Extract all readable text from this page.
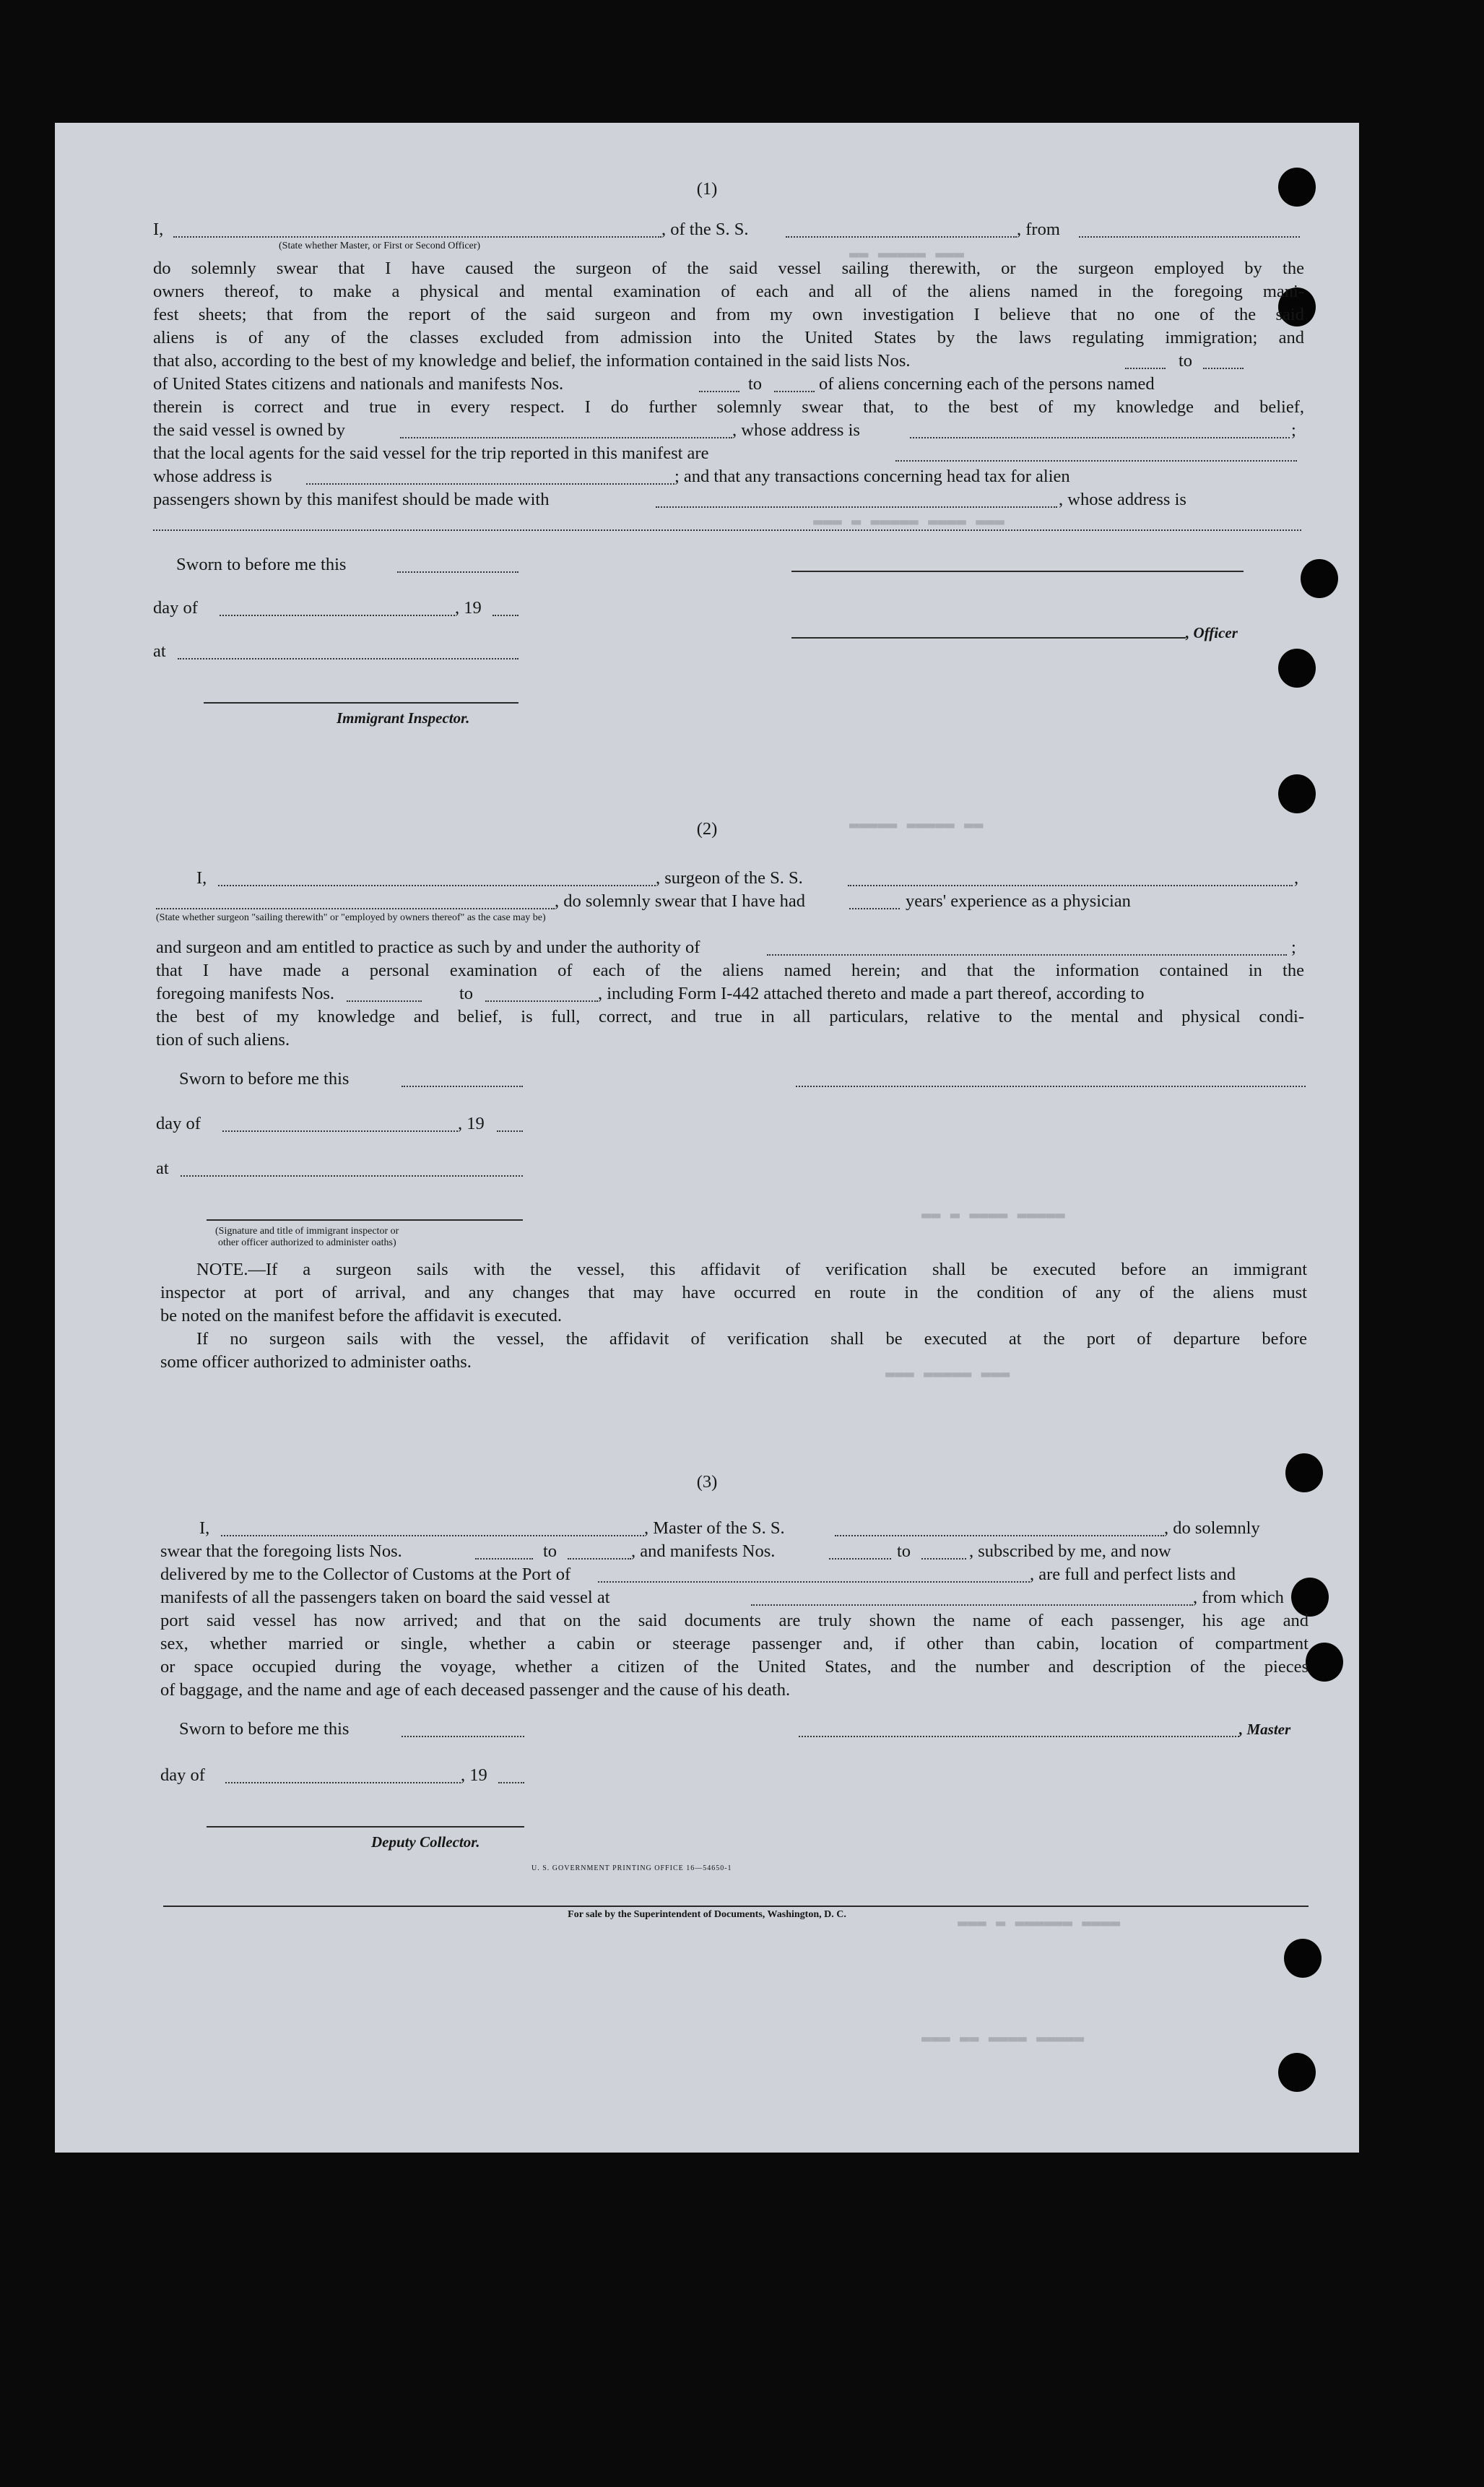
▬▬▬ ▬▬▬▬▬ ▬▬
▬▬▬ ▬▬▬▬ ▬▬▬▬▬ ▬ ▬▬▬
▬▬ ▬▬▬▬▬ ▬▬▬▬▬
▬▬▬▬▬ ▬▬▬▬ ▬ ▬▬
▬▬▬ ▬▬▬▬▬ ▬▬▬
▬▬▬▬ ▬▬▬▬▬▬ ▬ ▬▬▬
▬▬▬▬▬ ▬▬▬▬ ▬▬ ▬▬▬
(1)
I,	, of the S. S.	, from
(State whether Master, or First or Second Officer)
do solemnly swear that I have caused the surgeon of the said vessel sailing therewith, or the surgeon employed by the
owners thereof, to make a physical and mental examination of each and all of the aliens named in the foregoing mani-
fest sheets; that from the report of the said surgeon and from my own investigation I believe that no one of the said
aliens is of any of the classes excluded from admission into the United States by the laws regulating immigration; and
that also, according to the best of my knowledge and belief, the information contained in the said lists Nos.	to
of United States citizens and nationals and manifests Nos.	to	of aliens concerning each of the persons named
therein is correct and true in every respect. I do further solemnly swear that, to the best of my knowledge and belief,
the said vessel is owned by	, whose address is	;
that the local agents for the said vessel for the trip reported in this manifest are
whose address is	; and that any transactions concerning head tax for alien
passengers shown by this manifest should be made with	, whose address is
Sworn to before me this
day of	, 19
, Officer
at
Immigrant Inspector.
(2)
I,	, surgeon of the S. S.	,
, do solemnly swear that I have had	years' experience as a physician
(State whether surgeon "sailing therewith" or "employed by owners thereof" as the case may be)
and surgeon and am entitled to practice as such by and under the authority of	;
that I have made a personal examination of each of the aliens named herein; and that the information contained in the
foregoing manifests Nos.	to	, including Form I-442 attached thereto and made a part thereof, according to
the best of my knowledge and belief, is full, correct, and true in all particulars, relative to the mental and physical condi-
tion of such aliens.
Sworn to before me this
day of	, 19
at
(Signature and title of immigrant inspector or
other officer authorized to administer oaths)
NOTE.—If a surgeon sails with the vessel, this affidavit of verification shall be executed before an immigrant
inspector at port of arrival, and any changes that may have occurred en route in the condition of any of the aliens must
be noted on the manifest before the affidavit is executed.
If no surgeon sails with the vessel, the affidavit of verification shall be executed at the port of departure before
some officer authorized to administer oaths.
(3)
I,	, Master of the S. S.	, do solemnly
swear that the foregoing lists Nos.	to	, and manifests Nos.	to	, subscribed by me, and now
delivered by me to the Collector of Customs at the Port of	, are full and perfect lists and
manifests of all the passengers taken on board the said vessel at	, from which
port said vessel has now arrived; and that on the said documents are truly shown the name of each passenger, his age and
sex, whether married or single, whether a cabin or steerage passenger and, if other than cabin, location of compartment
or space occupied during the voyage, whether a citizen of the United States, and the number and description of the pieces
of baggage, and the name and age of each deceased passenger and the cause of his death.
Sworn to before me this	, Master
day of	, 19
Deputy Collector.
U. S. GOVERNMENT PRINTING OFFICE 16—54650-1
For sale by the Superintendent of Documents, Washington, D. C.
